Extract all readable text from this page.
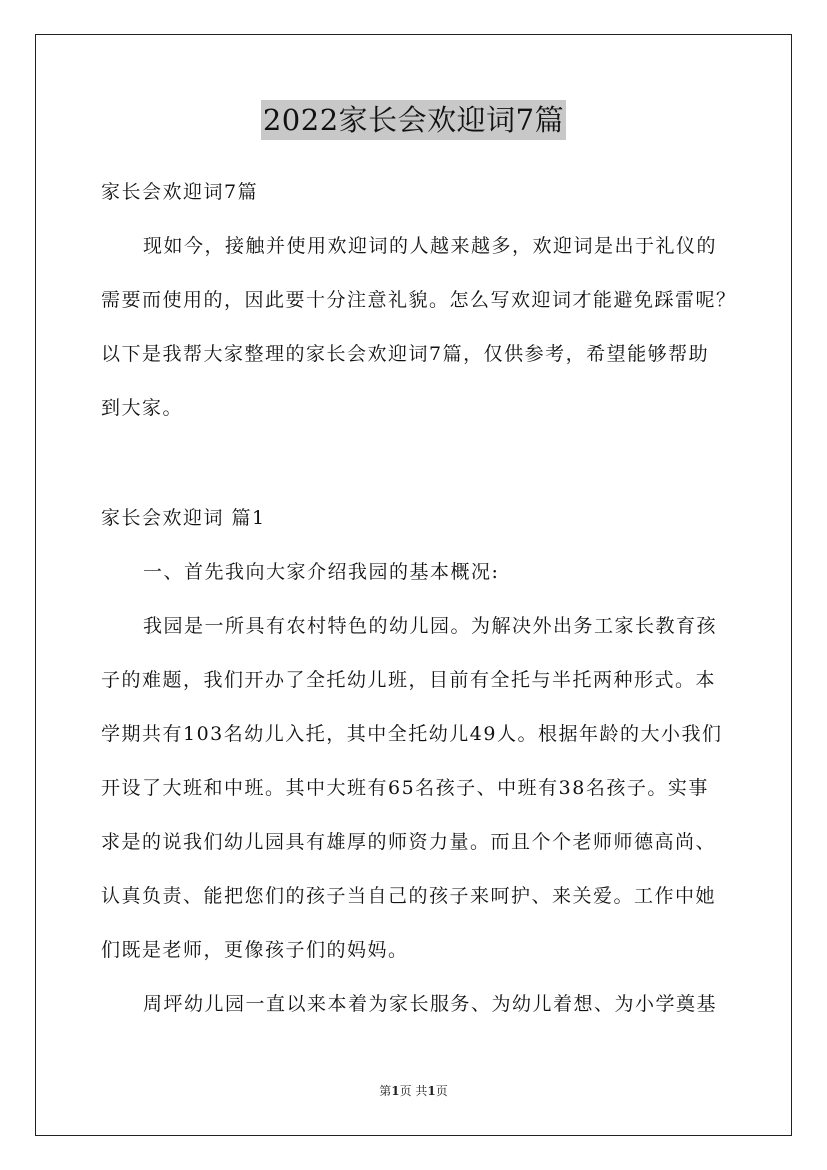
2022家长会欢迎词7篇
家长会欢迎词7篇
现如今，接触并使用欢迎词的人越来越多，欢迎词是出于礼仪的
需要而使用的，因此要十分注意礼貌。怎么写欢迎词才能避免踩雷呢？
以下是我帮大家整理的家长会欢迎词7篇，仅供参考，希望能够帮助
到大家。
家长会欢迎词 篇1
一、首先我向大家介绍我园的基本概况:
我园是一所具有农村特色的幼儿园。为解决外出务工家长教育孩
子的难题，我们开办了全托幼儿班，目前有全托与半托两种形式。本
学期共有103名幼儿入托，其中全托幼儿49人。根据年龄的大小我们
开设了大班和中班。其中大班有65名孩子、中班有38名孩子。实事
求是的说我们幼儿园具有雄厚的师资力量。而且个个老师师德高尚、
认真负责、能把您们的孩子当自己的孩子来呵护、来关爱。工作中她
们既是老师，更像孩子们的妈妈。
周坪幼儿园一直以来本着为家长服务、为幼儿着想、为小学奠基
第1页 共1页
